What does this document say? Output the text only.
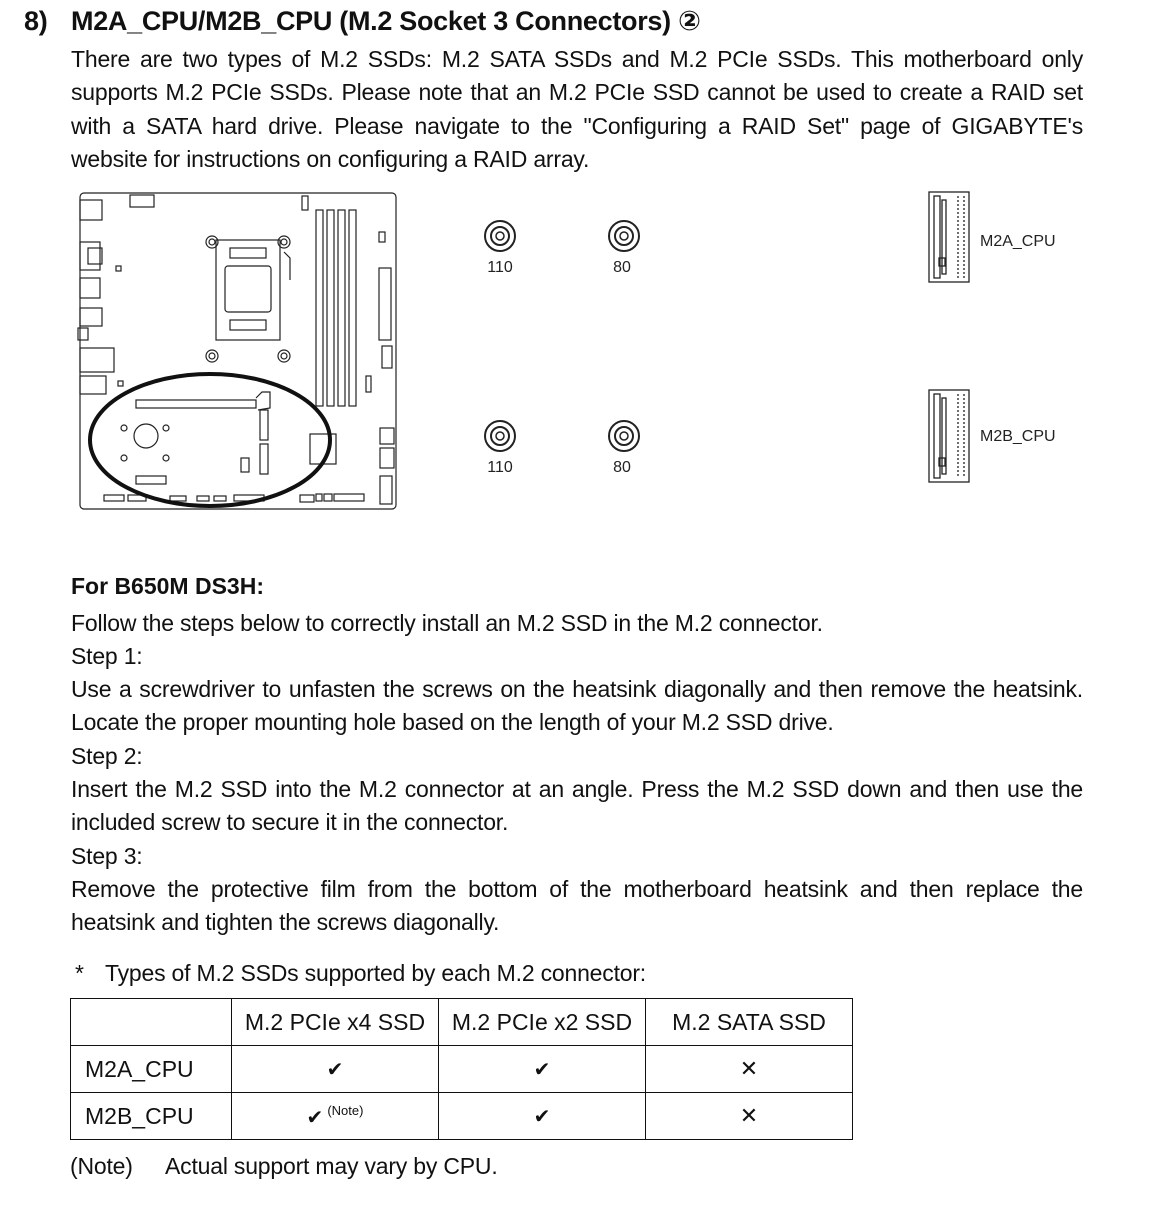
8) M2A_CPU/M2B_CPU (M.2 Socket 3 Connectors) ②
There are two types of M.2 SSDs: M.2 SATA SSDs and M.2 PCIe SSDs. This motherboard only supports M.2 PCIe SSDs. Please note that an M.2 PCIe SSD cannot be used to create a RAID set with a SATA hard drive. Please navigate to the "Configuring a RAID Set" page of GIGABYTE's website for instructions on configuring a RAID array.
110	80
110	80
M2A_CPU
M2B_CPU
For B650M DS3H:
Follow the steps below to correctly install an M.2 SSD in the M.2 connector.
Step 1:
Use a screwdriver to unfasten the screws on the heatsink diagonally and then remove the heatsink. Locate the proper mounting hole based on the length of your M.2 SSD drive.
Step 2:
Insert the M.2 SSD into the M.2 connector at an angle. Press the M.2 SSD down and then use the included screw to secure it in the connector.
Step 3:
Remove the protective film from the bottom of the motherboard heatsink and then replace the heatsink and tighten the screws diagonally.
* Types of M.2 SSDs supported by each M.2 connector:
	M.2 PCIe x4 SSD	M.2 PCIe x2 SSD	M.2 SATA SSD
M2A_CPU	✔	✔	✕
M2B_CPU	✔ $^{(Note)}$	✔	✕
(Note) Actual support may vary by CPU.
